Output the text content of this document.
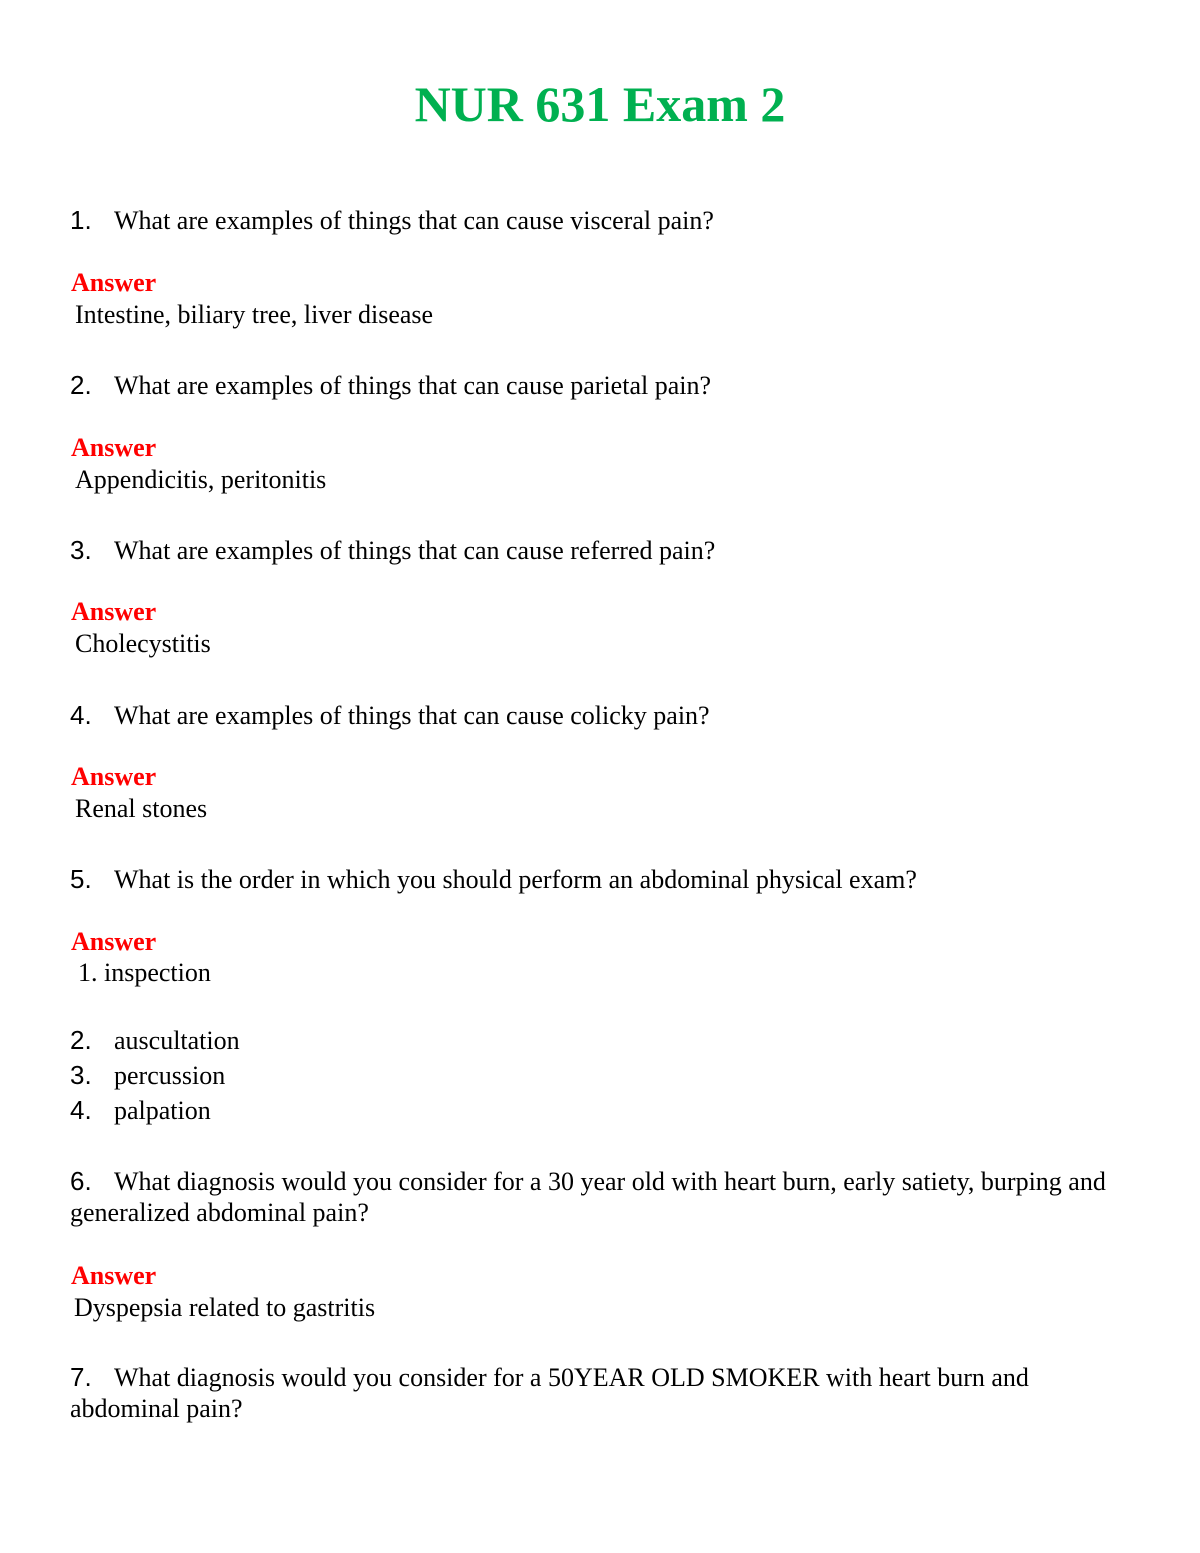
NUR 631 Exam 2
1. What are examples of things that can cause visceral pain?
Answer
Intestine, biliary tree, liver disease
2. What are examples of things that can cause parietal pain?
Answer
Appendicitis, peritonitis
3. What are examples of things that can cause referred pain?
Answer
Cholecystitis
4. What are examples of things that can cause colicky pain?
Answer
Renal stones
5. What is the order in which you should perform an abdominal physical exam?
Answer
1. inspection
2. auscultation
3. percussion
4. palpation
6. What diagnosis would you consider for a 30 year old with heart burn, early satiety, burping and generalized abdominal pain?
Answer
Dyspepsia related to gastritis
7. What diagnosis would you consider for a 50YEAR OLD SMOKER with heart burn and abdominal pain?
